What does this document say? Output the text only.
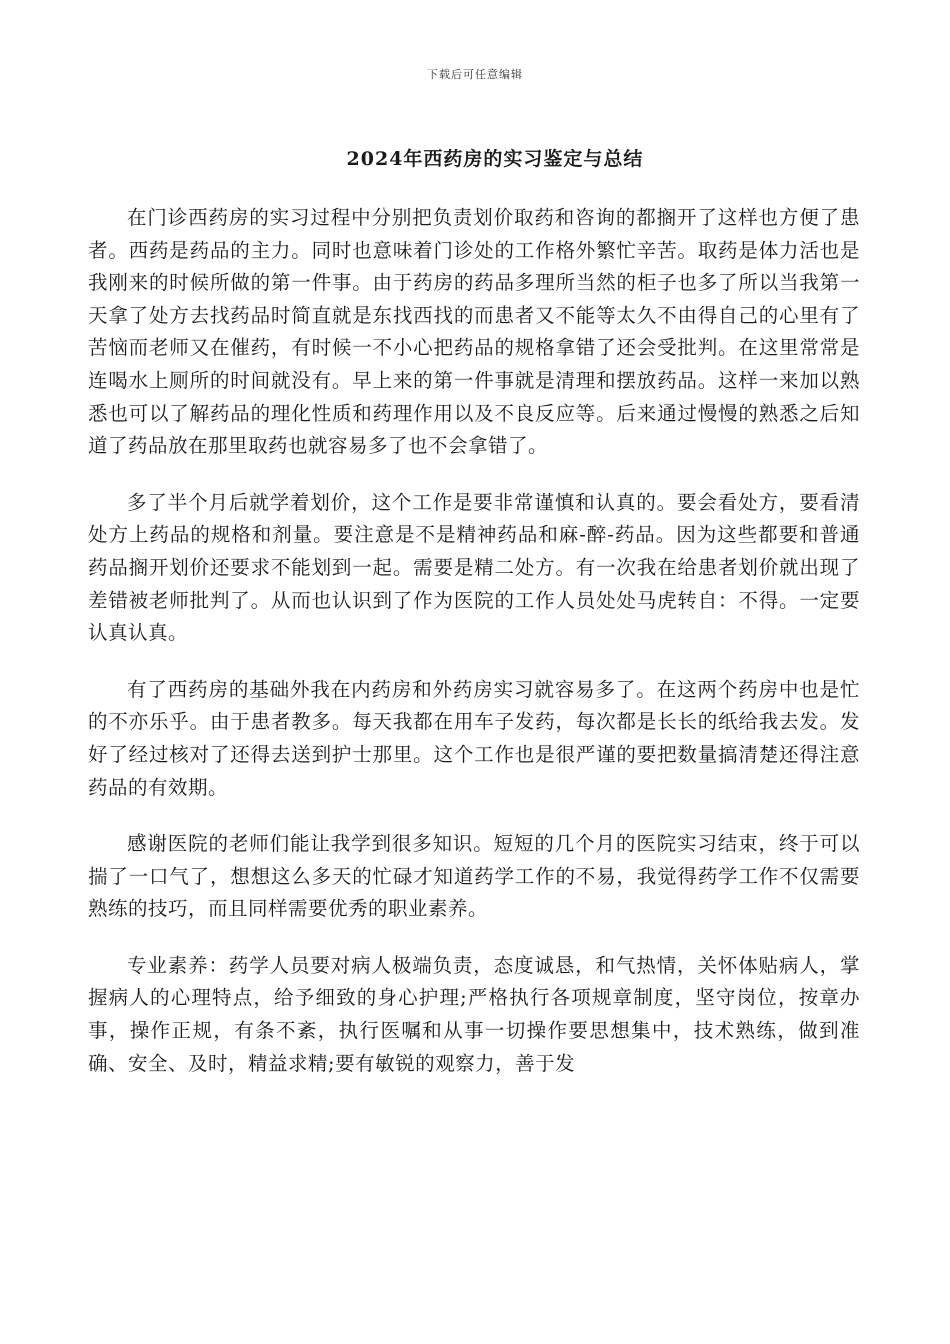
下载后可任意编辑
2024年西药房的实习鉴定与总结

在门诊西药房的实习过程中分别把负责划价取药和咨询的都搁开了这样也方便了患者。西药是药品的主力。同时也意味着门诊处的工作格外繁忙辛苦。取药是体力活也是我刚来的时候所做的第一件事。由于药房的药品多理所当然的柜子也多了所以当我第一天拿了处方去找药品时简直就是东找西找的而患者又不能等太久不由得自己的心里有了苦恼而老师又在催药，有时候一不小心把药品的规格拿错了还会受批判。在这里常常是连喝水上厕所的时间就没有。早上来的第一件事就是清理和摆放药品。这样一来加以熟悉也可以了解药品的理化性质和药理作用以及不良反应等。后来通过慢慢的熟悉之后知道了药品放在那里取药也就容易多了也不会拿错了。

多了半个月后就学着划价，这个工作是要非常谨慎和认真的。要会看处方，要看清处方上药品的规格和剂量。要注意是不是精神药品和麻-醉-药品。因为这些都要和普通药品搁开划价还要求不能划到一起。需要是精二处方。有一次我在给患者划价就出现了差错被老师批判了。从而也认识到了作为医院的工作人员处处马虎转自：不得。一定要认真认真。

有了西药房的基础外我在内药房和外药房实习就容易多了。在这两个药房中也是忙的不亦乐乎。由于患者教多。每天我都在用车子发药，每次都是长长的纸给我去发。发好了经过核对了还得去送到护士那里。这个工作也是很严谨的要把数量搞清楚还得注意药品的有效期。

感谢医院的老师们能让我学到很多知识。短短的几个月的医院实习结束，终于可以揣了一口气了，想想这么多天的忙碌才知道药学工作的不易，我觉得药学工作不仅需要熟练的技巧，而且同样需要优秀的职业素养。

专业素养：药学人员要对病人极端负责，态度诚恳，和气热情，关怀体贴病人，掌握病人的心理特点，给予细致的身心护理;严格执行各项规章制度，坚守岗位，按章办事，操作正规，有条不紊，执行医嘱和从事一切操作要思想集中，技术熟练，做到准确、安全、及时，精益求精;要有敏锐的观察力，善于发
